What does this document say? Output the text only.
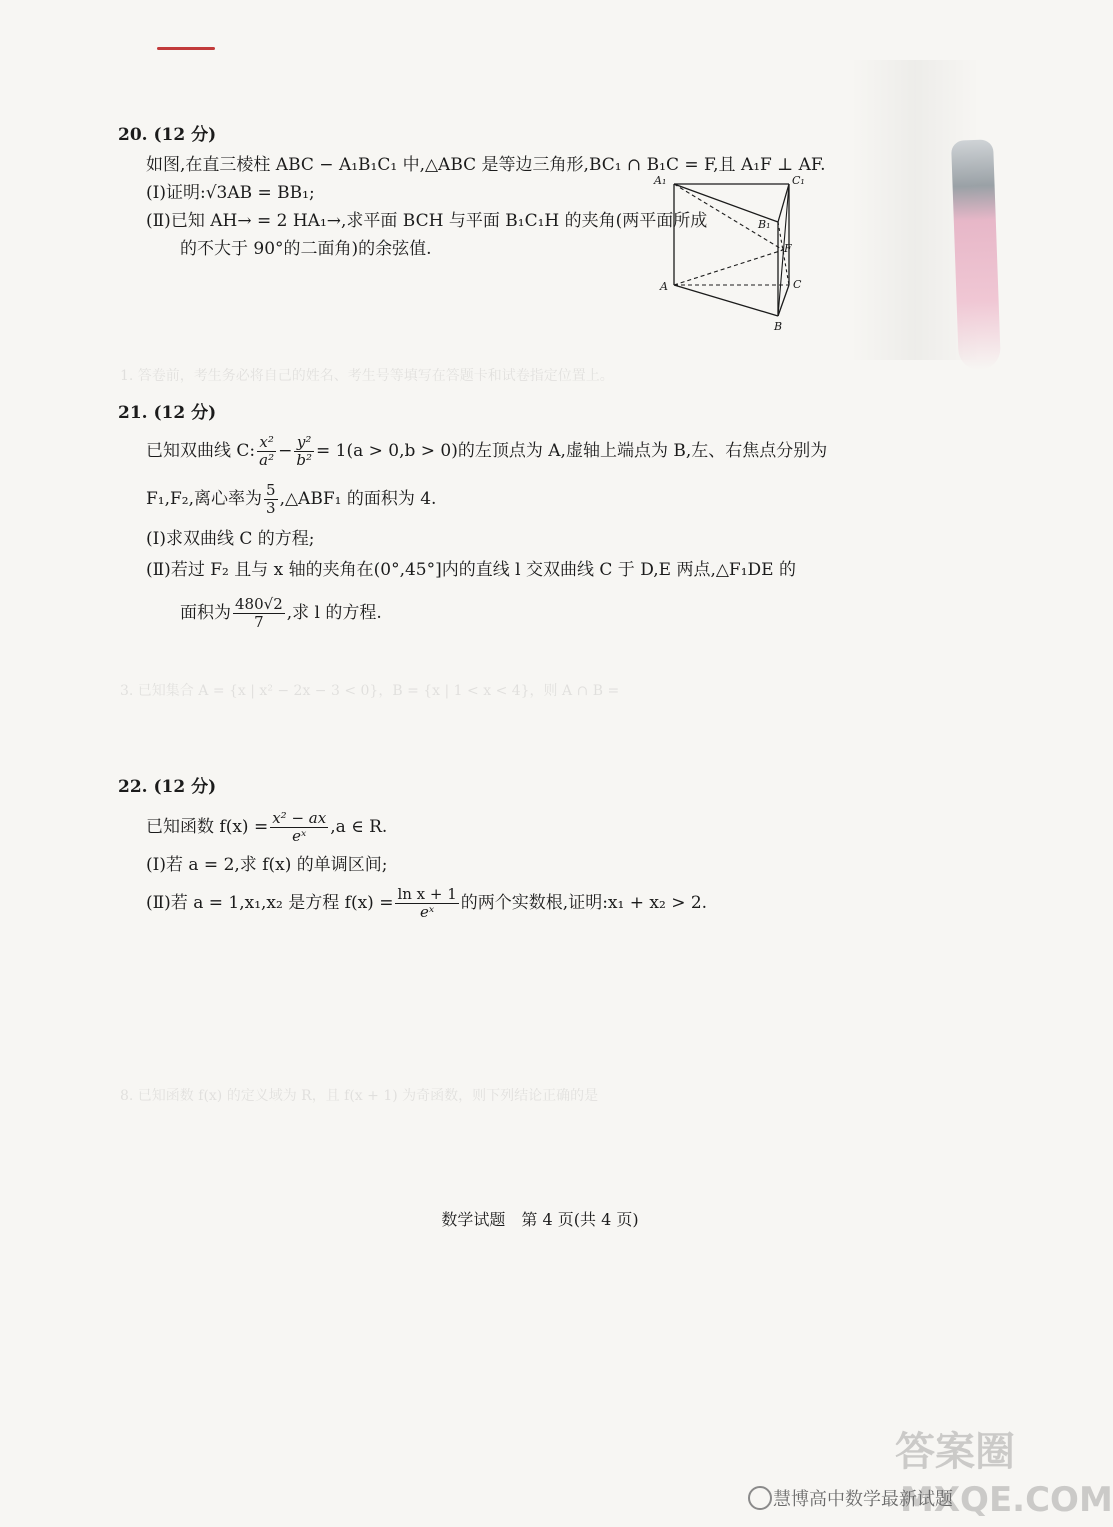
1. 答卷前，考生务必将自己的姓名、考生号等填写在答题卡和试卷指定位置上。
3. 已知集合 A = {x | x² − 2x − 3 < 0}，B = {x | 1 < x < 4}，则 A ∩ B =
8. 已知函数 f(x) 的定义域为 R，且 f(x + 1) 为奇函数，则下列结论正确的是
20. (12 分)
如图,在直三棱柱 ABC − A₁B₁C₁ 中,△ABC 是等边三角形,BC₁ ∩ B₁C = F,且 A₁F ⊥ AF.
(Ⅰ)证明:√3AB = BB₁;
(Ⅱ)已知 AH→ = 2 HA₁→,求平面 BCH 与平面 B₁C₁H 的夹角(两平面所成
的不大于 90°的二面角)的余弦值.
A₁	C₁
B₁
F
A	C
B
21. (12 分)
已知双曲线 C: $\frac{\text{x²}}{\text{a²}} - \frac{\text{y²}}{\text{b²}} = 1(a > 0,b > 0)$的左顶点为 A,虚轴上端点为 B,左、右焦点分别为
F₁,F₂,离心率为 $\frac{5}{3}$ ,△ABF₁ 的面积为 4.
(Ⅰ)求双曲线 C 的方程;
(Ⅱ)若过 F₂ 且与 x 轴的夹角在(0°,45°]内的直线 l 交双曲线 C 于 D,E 两点,△F₁DE 的
面积为 $\frac{480√2}{7}$ ,求 l 的方程.
22. (12 分)
已知函数 $f(x) = \frac{\text{x² − ax}}{\text{eˣ}} ,a$ ∈ R.
(Ⅰ)若 a = 2,求 f(x) 的单调区间;
(Ⅱ)若 a = 1,x₁,x₂ 是方程 $f(x) = \frac{\text{ln x + 1}}{\text{eˣ}}$ 的两个实数根,证明:x₁ + x₂ > 2.
数学试题　第 4 页(共 4 页)
答案圈
MXQE.COM
慧博高中数学最新试题
